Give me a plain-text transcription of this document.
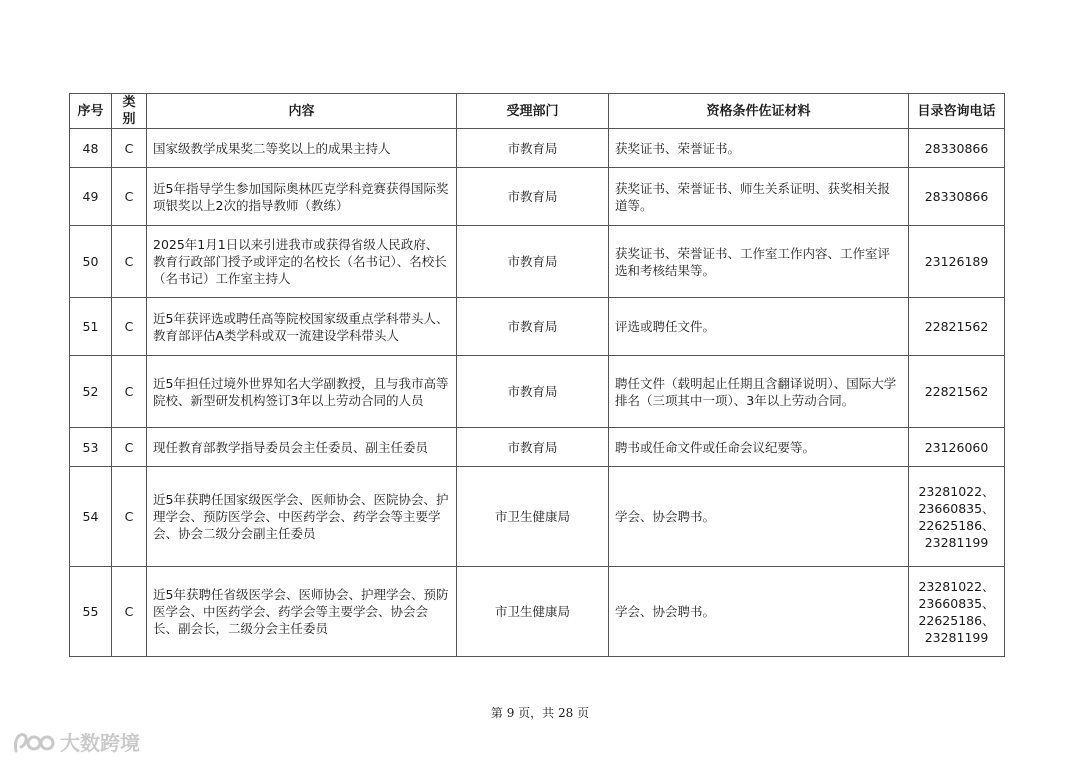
序号	类别	内容	受理部门	资格条件佐证材料	目录咨询电话
48	C	国家级教学成果奖二等奖以上的成果主持人	市教育局	获奖证书、荣誉证书。	28330866

49	C	近5年指导学生参加国际奥林匹克学科竞赛获得国际奖项银奖以上2次的指导教师（教练）	市教育局	获奖证书、荣誉证书、师生关系证明、获奖相关报道等。	28330866

50	C	2025年1月1日以来引进我市或获得省级人民政府、教育行政部门授予或评定的名校长（名书记）、名校长（名书记）工作室主持人	市教育局	获奖证书、荣誉证书、工作室工作内容、工作室评选和考核结果等。	23126189

51	C	近5年获评选或聘任高等院校国家级重点学科带头人、教育部评估A类学科或双一流建设学科带头人	市教育局	评选或聘任文件。	22821562

52	C	近5年担任过境外世界知名大学副教授，且与我市高等院校、新型研发机构签订3年以上劳动合同的人员	市教育局	聘任文件（载明起止任期且含翻译说明）、国际大学排名（三项其中一项）、3年以上劳动合同。	22821562

53	C	现任教育部教学指导委员会主任委员、副主任委员	市教育局	聘书或任命文件或任命会议纪要等。	23126060

54	C	近5年获聘任国家级医学会、医师协会、医院协会、护理学会、预防医学会、中医药学会、药学会等主要学会、协会二级分会副主任委员	市卫生健康局	学会、协会聘书。	23281022、
23660835、
22625186、
23281199

55	C	近5年获聘任省级医学会、医师协会、护理学会、预防医学会、中医药学会、药学会等主要学会、协会会长、副会长，二级分会主任委员	市卫生健康局	学会、协会聘书。	23281022、
23660835、
22625186、
23281199
第 9 页，共 28 页
大数跨境
